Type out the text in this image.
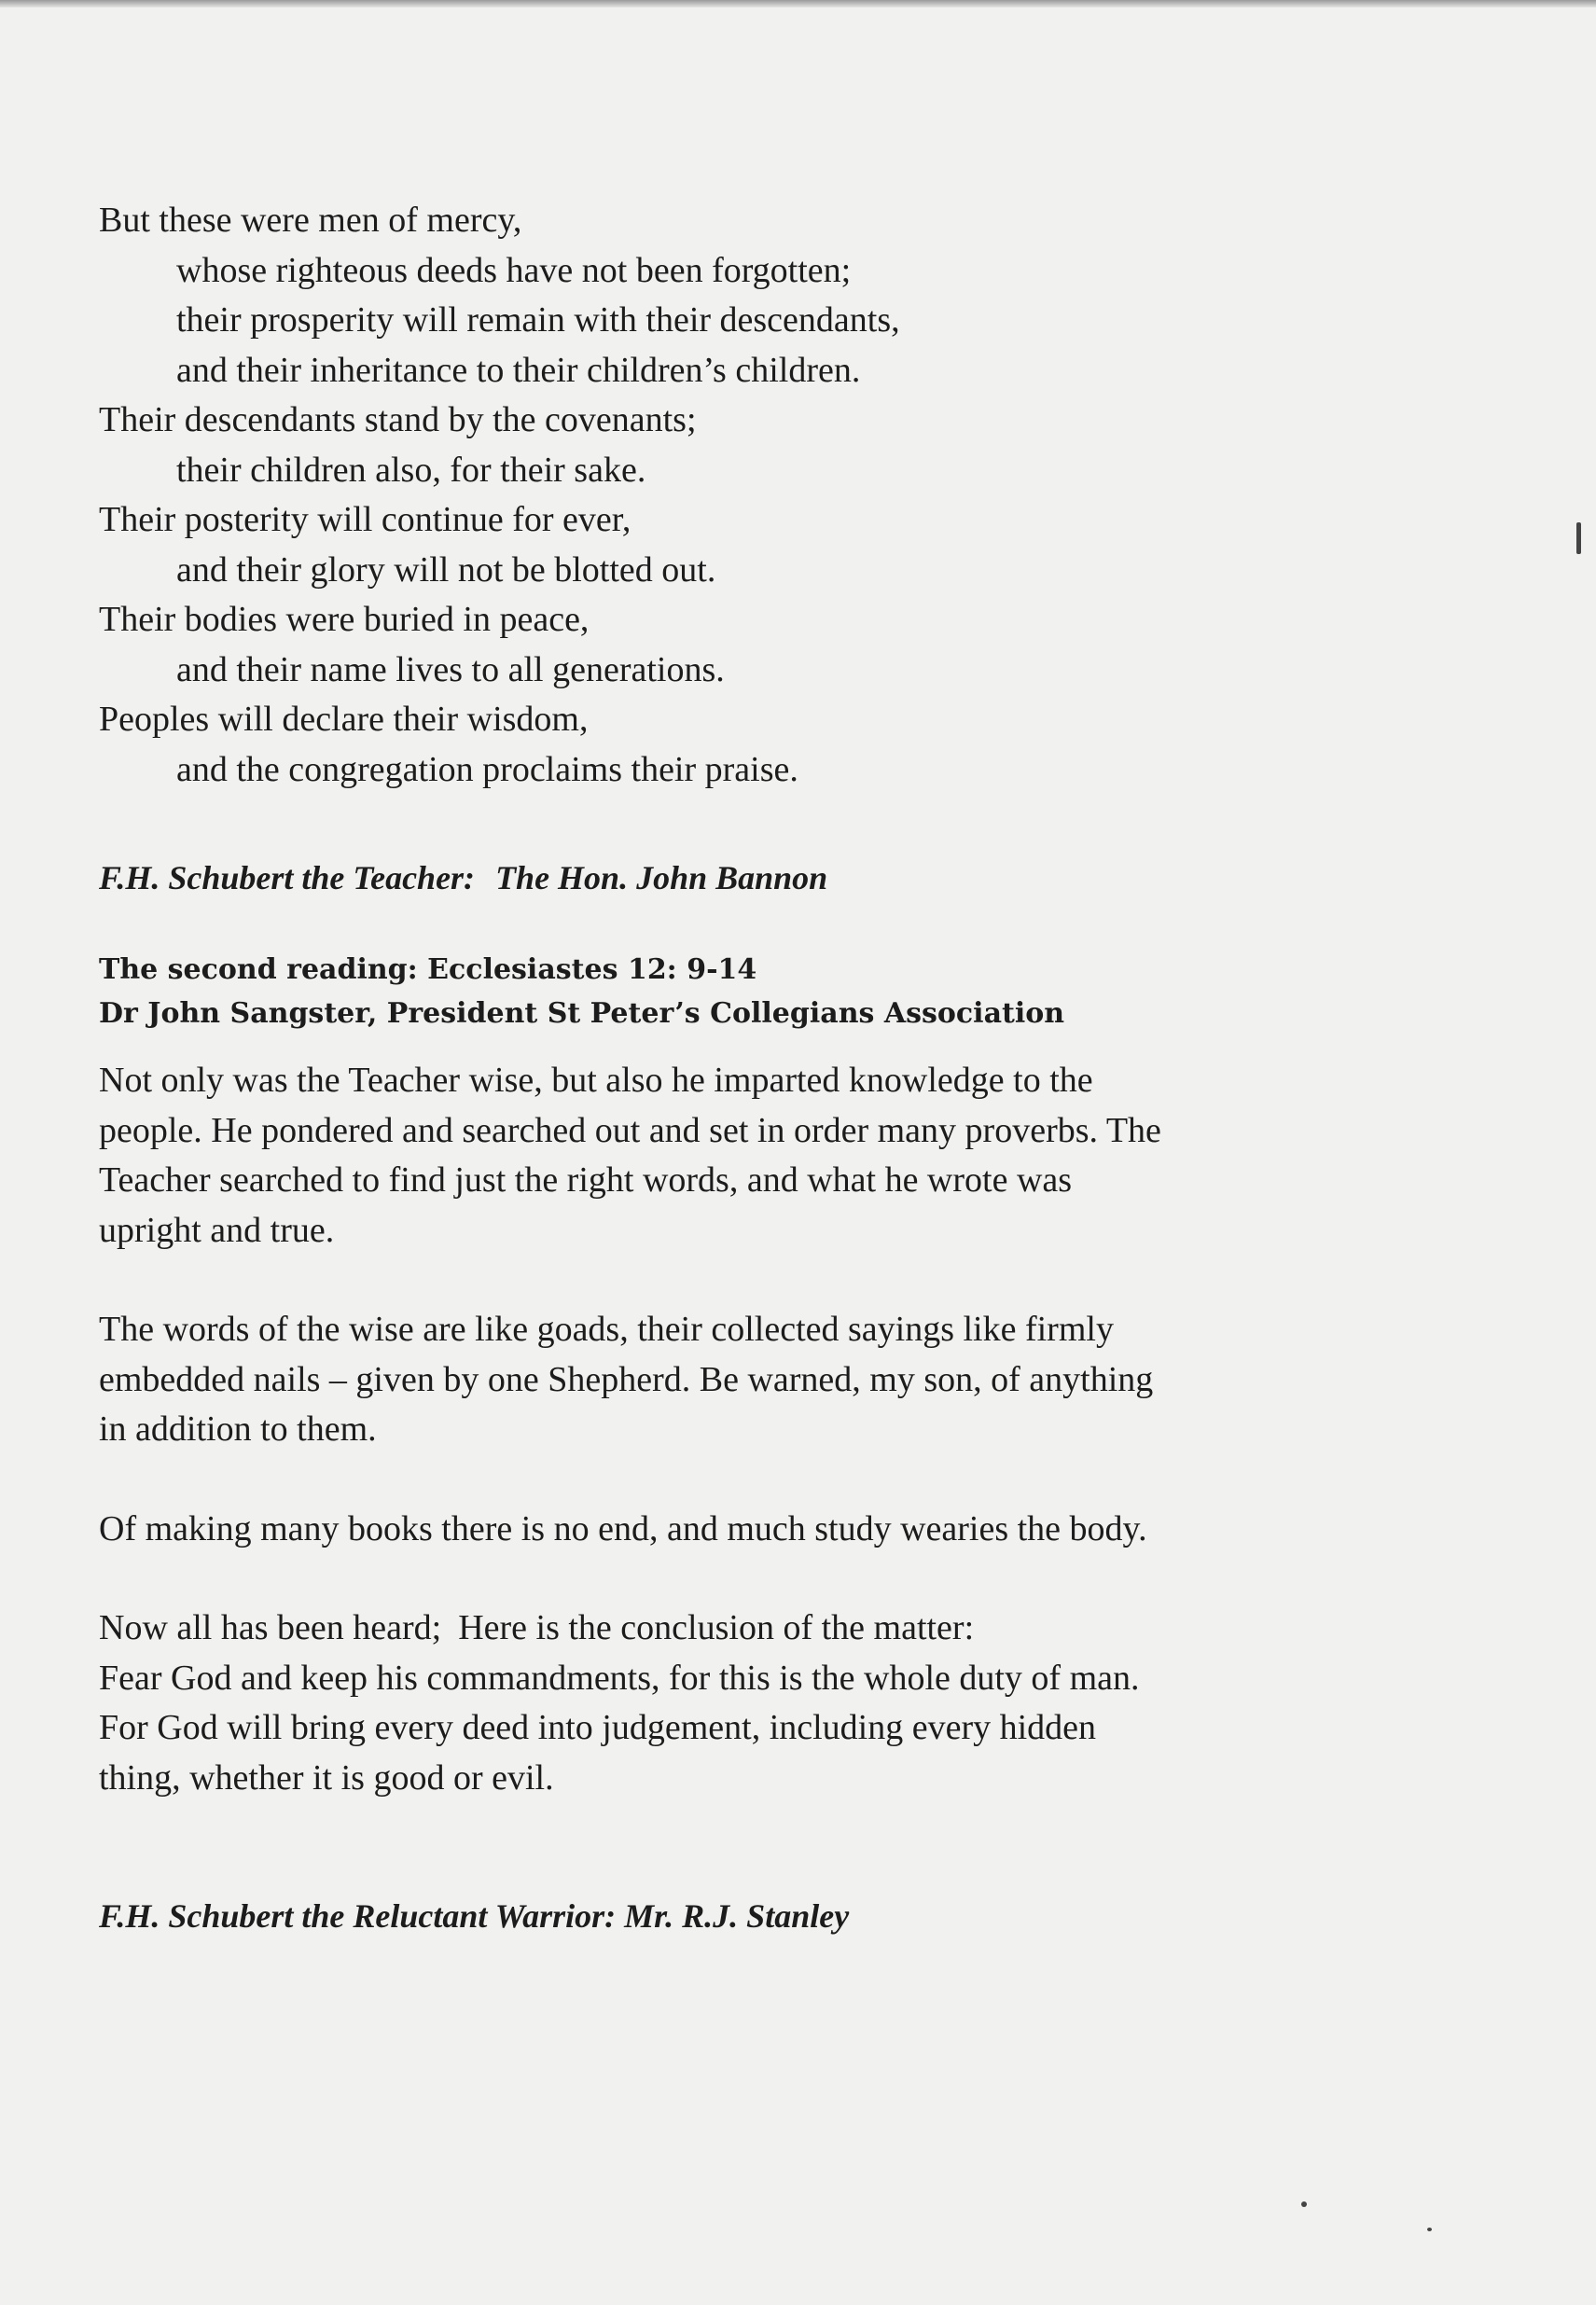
But these were men of mercy,
whose righteous deeds have not been forgotten;
their prosperity will remain with their descendants,
and their inheritance to their children’s children.
Their descendants stand by the covenants;
their children also, for their sake.
Their posterity will continue for ever,
and their glory will not be blotted out.
Their bodies were buried in peace,
and their name lives to all generations.
Peoples will declare their wisdom,
and the congregation proclaims their praise.
F.H. Schubert the Teacher: The Hon. John Bannon
The second reading: Ecclesiastes 12: 9-14
Dr John Sangster, President St Peter’s Collegians Association
Not only was the Teacher wise, but also he imparted knowledge to the
people. He pondered and searched out and set in order many proverbs. The
Teacher searched to find just the right words, and what he wrote was
upright and true.
The words of the wise are like goads, their collected sayings like firmly
embedded nails – given by one Shepherd. Be warned, my son, of anything
in addition to them.
Of making many books there is no end, and much study wearies the body.
Now all has been heard; Here is the conclusion of the matter:
Fear God and keep his commandments, for this is the whole duty of man.
For God will bring every deed into judgement, including every hidden
thing, whether it is good or evil.
F.H. Schubert the Reluctant Warrior: Mr. R.J. Stanley
